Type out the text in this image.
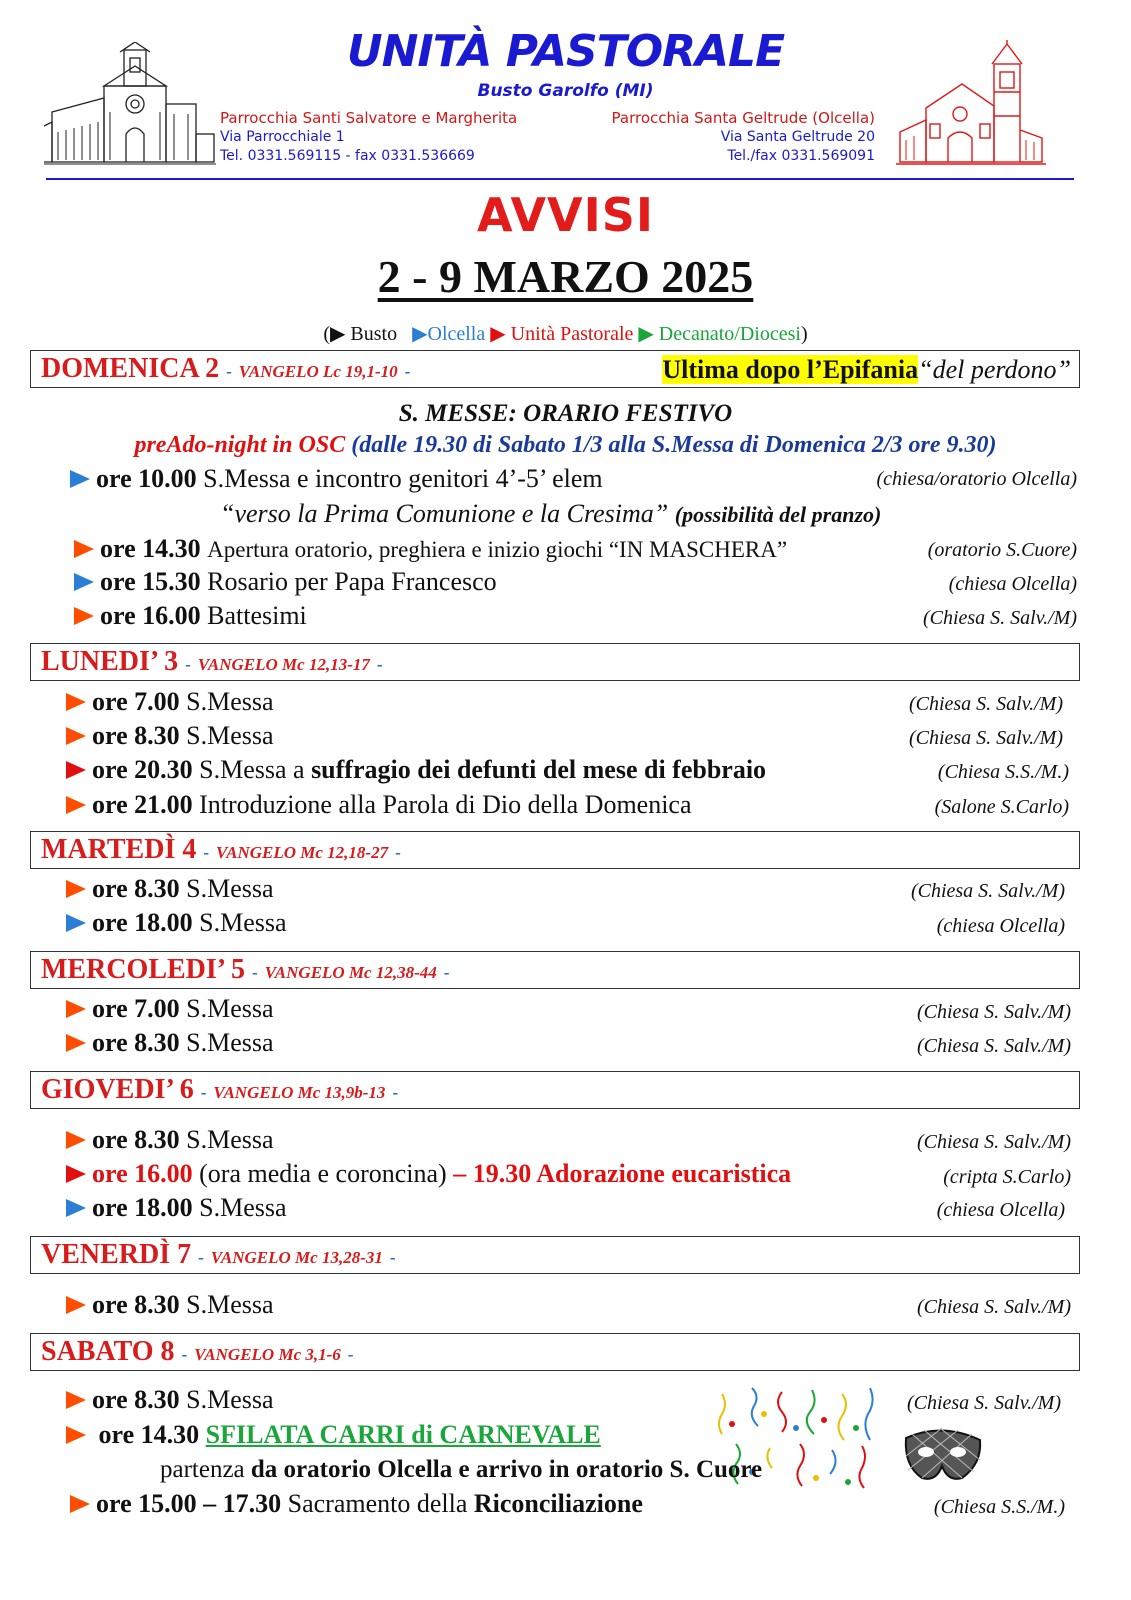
UNITÀ PASTORALE
Busto Garolfo (MI)
Parrocchia Santi Salvatore e Margherita
Via Parrocchiale 1
Tel. 0331.569115 - fax 0331.536669
Parrocchia Santa Geltrude (Olcella)
Via Santa Geltrude 20
Tel./fax 0331.569091
AVVISI
2 - 9 MARZO 2025
(▶ Busto ▶Olcella ▶ Unità Pastorale ▶ Decanato/Diocesi)
DOMENICA 2 - VANGELO Lc 19,1-10 -	Ultima dopo l’Epifania“del perdono”
S. MESSE: ORARIO FESTIVO
preAdo-night in OSC (dalle 19.30 di Sabato 1/3 alla S.Messa di Domenica 2/3 ore 9.30)
ore 10.00 S.Messa e incontro genitori 4’-5’ elem	(chiesa/oratorio Olcella)
“verso la Prima Comunione e la Cresima” (possibilità del pranzo)
ore 14.30 Apertura oratorio, preghiera e inizio giochi “IN MASCHERA”	(oratorio S.Cuore)
ore 15.30 Rosario per Papa Francesco	(chiesa Olcella)
ore 16.00 Battesimi	(Chiesa S. Salv./M)
LUNEDI’ 3 - VANGELO Mc 12,13-17 -
ore 7.00 S.Messa	(Chiesa S. Salv./M)
ore 8.30 S.Messa	(Chiesa S. Salv./M)
ore 20.30 S.Messa a suffragio dei defunti del mese di febbraio	(Chiesa S.S./M.)
ore 21.00 Introduzione alla Parola di Dio della Domenica	(Salone S.Carlo)
MARTEDÌ 4 - VANGELO Mc 12,18-27 -
ore 8.30 S.Messa	(Chiesa S. Salv./M)
ore 18.00 S.Messa	(chiesa Olcella)
MERCOLEDI’ 5 - VANGELO Mc 12,38-44 -
ore 7.00 S.Messa	(Chiesa S. Salv./M)
ore 8.30 S.Messa	(Chiesa S. Salv./M)
GIOVEDI’ 6 - VANGELO Mc 13,9b-13 -
ore 8.30 S.Messa	(Chiesa S. Salv./M)
ore 16.00 (ora media e coroncina) – 19.30 Adorazione eucaristica	(cripta S.Carlo)
ore 18.00 S.Messa	(chiesa Olcella)
VENERDÌ 7 - VANGELO Mc 13,28-31 -
ore 8.30 S.Messa	(Chiesa S. Salv./M)
SABATO 8 - VANGELO Mc 3,1-6 -
ore 8.30 S.Messa	(Chiesa S. Salv./M)
ore 14.30 SFILATA CARRI di CARNEVALE
partenza da oratorio Olcella e arrivo in oratorio S. Cuore
ore 15.00 – 17.30 Sacramento della Riconciliazione	(Chiesa S.S./M.)
